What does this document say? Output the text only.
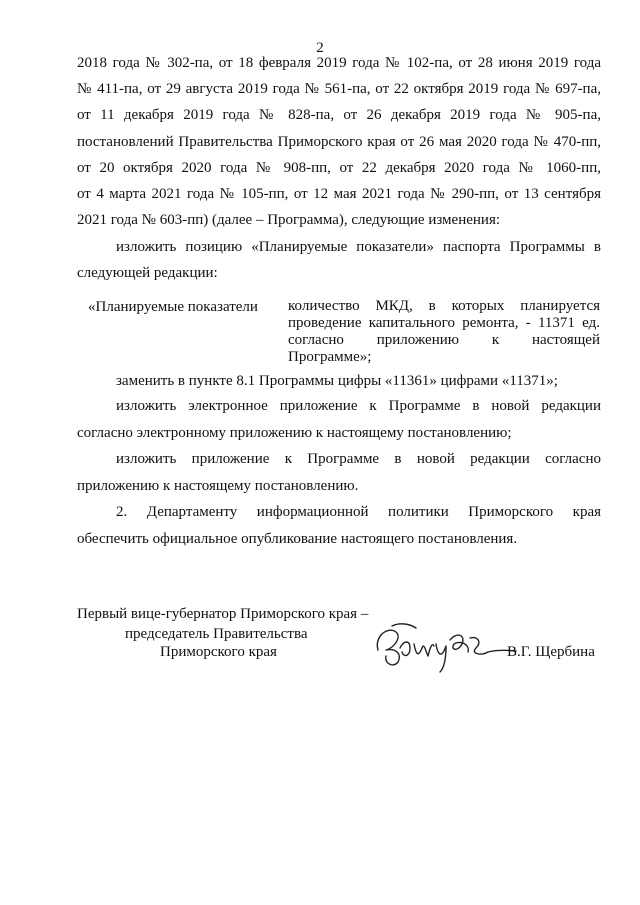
2
2018 года № 302-па, от 18 февраля 2019 года № 102-па, от 28 июня 2019 года
№ 411-па, от 29 августа 2019 года № 561-па, от 22 октября 2019 года № 697-па,
от 11 декабря 2019 года № 828-па, от 26 декабря 2019 года № 905-па,
постановлений Правительства Приморского края от 26 мая 2020 года № 470-пп,
от 20 октября 2020 года № 908-пп, от 22 декабря 2020 года № 1060-пп,
от 4 марта 2021 года № 105-пп, от 12 мая 2021 года № 290-пп, от 13 сентября
2021 года № 603-пп) (далее – Программа), следующие изменения:
изложить позицию «Планируемые показатели» паспорта Программы в
следующей редакции:
«Планируемые показатели количество МКД, в которых планируется
проведение капитального ремонта, - 11371 ед.
согласно приложению к настоящей
Программе»;
заменить в пункте 8.1 Программы цифры «11361» цифрами «11371»;
изложить электронное приложение к Программе в новой редакции
согласно электронному приложению к настоящему постановлению;
изложить приложение к Программе в новой редакции согласно
приложению к настоящему постановлению.
2. Департаменту информационной политики Приморского края
обеспечить официальное опубликование настоящего постановления.
Первый вице-губернатор Приморского края –
председатель Правительства
Приморского края	В.Г. Щербина
